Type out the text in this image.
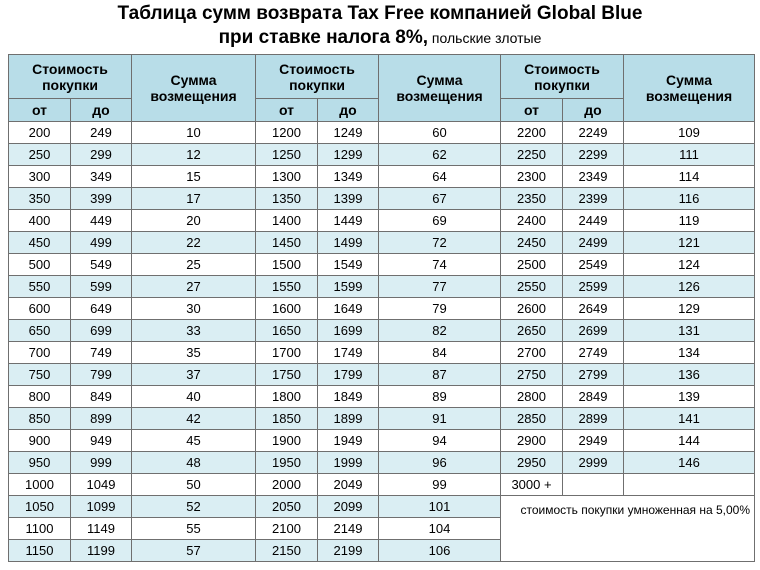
Таблица сумм возврата Tax Free компанией Global Blue
при ставке налога 8%, польские злотые
Стоимость покупки		Сумма возмещения	Стоимость покупки		Сумма возмещения	Стоимость покупки		Сумма возмещения
от	до		от	до		от	до	
200	249	10	1200	1249	60	2200	2249	109
250	299	12	1250	1299	62	2250	2299	111
300	349	15	1300	1349	64	2300	2349	114
350	399	17	1350	1399	67	2350	2399	116
400	449	20	1400	1449	69	2400	2449	119
450	499	22	1450	1499	72	2450	2499	121
500	549	25	1500	1549	74	2500	2549	124
550	599	27	1550	1599	77	2550	2599	126
600	649	30	1600	1649	79	2600	2649	129
650	699	33	1650	1699	82	2650	2699	131
700	749	35	1700	1749	84	2700	2749	134
750	799	37	1750	1799	87	2750	2799	136
800	849	40	1800	1849	89	2800	2849	139
850	899	42	1850	1899	91	2850	2899	141
900	949	45	1900	1949	94	2900	2949	144
950	999	48	1950	1999	96	2950	2999	146
1000	1049	50	2000	2049	99	3000 +		
1050	1099	52	2050	2099	101	стоимость покупки умноженная на 5,00%		
1100	1149	55	2100	2149	104			
1150	1199	57	2150	2199	106			
